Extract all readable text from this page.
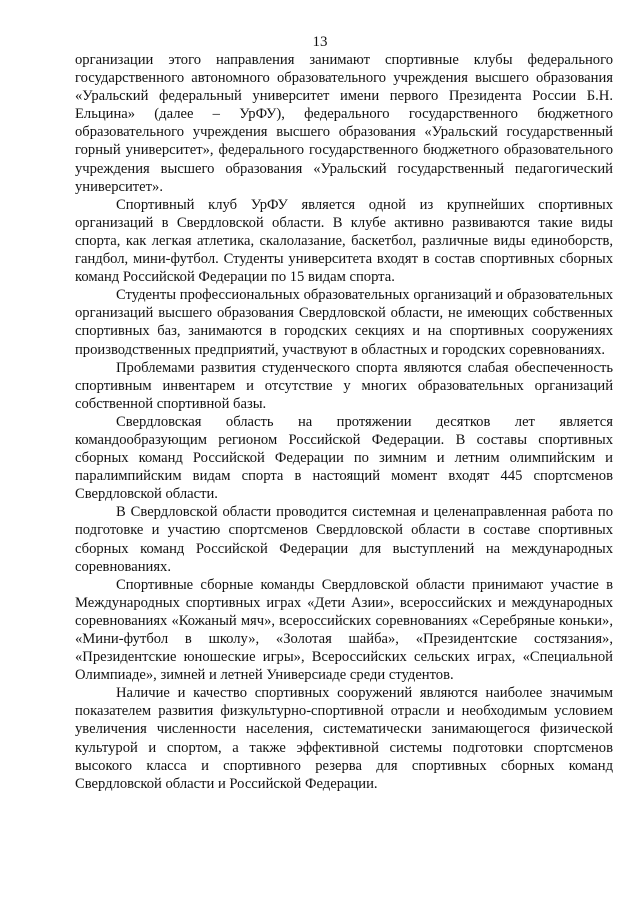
13

организации этого направления занимают спортивные клубы федерального государственного автономного образовательного учреждения высшего образования «Уральский федеральный университет имени первого Президента России Б.Н. Ельцина» (далее – УрФУ), федерального государственного бюджетного образовательного учреждения высшего образования «Уральский государственный горный университет», федерального государственного бюджетного образовательного учреждения высшего образования «Уральский государственный педагогический университет».

Спортивный клуб УрФУ является одной из крупнейших спортивных организаций в Свердловской области. В клубе активно развиваются такие виды спорта, как легкая атлетика, скалолазание, баскетбол, различные виды единоборств, гандбол, мини-футбол. Студенты университета входят в состав спортивных сборных команд Российской Федерации по 15 видам спорта.

Студенты профессиональных образовательных организаций и образовательных организаций высшего образования Свердловской области, не имеющих собственных спортивных баз, занимаются в городских секциях и на спортивных сооружениях производственных предприятий, участвуют в областных и городских соревнованиях.

Проблемами развития студенческого спорта являются слабая обеспеченность спортивным инвентарем и отсутствие у многих образовательных организаций собственной спортивной базы.

Свердловская область на протяжении десятков лет является командообразующим регионом Российской Федерации. В составы спортивных сборных команд Российской Федерации по зимним и летним олимпийским и паралимпийским видам спорта в настоящий момент входят 445 спортсменов Свердловской области.

В Свердловской области проводится системная и целенаправленная работа по подготовке и участию спортсменов Свердловской области в составе спортивных сборных команд Российской Федерации для выступлений на международных соревнованиях.

Спортивные сборные команды Свердловской области принимают участие в Международных спортивных играх «Дети Азии», всероссийских и международных соревнованиях «Кожаный мяч», всероссийских соревнованиях «Серебряные коньки», «Мини-футбол в школу», «Золотая шайба», «Президентские состязания», «Президентские юношеские игры», Всероссийских сельских играх, «Специальной Олимпиаде», зимней и летней Универсиаде среди студентов.

Наличие и качество спортивных сооружений являются наиболее значимым показателем развития физкультурно-спортивной отрасли и необходимым условием увеличения численности населения, систематически занимающегося физической культурой и спортом, а также эффективной системы подготовки спортсменов высокого класса и спортивного резерва для спортивных сборных команд Свердловской области и Российской Федерации.
